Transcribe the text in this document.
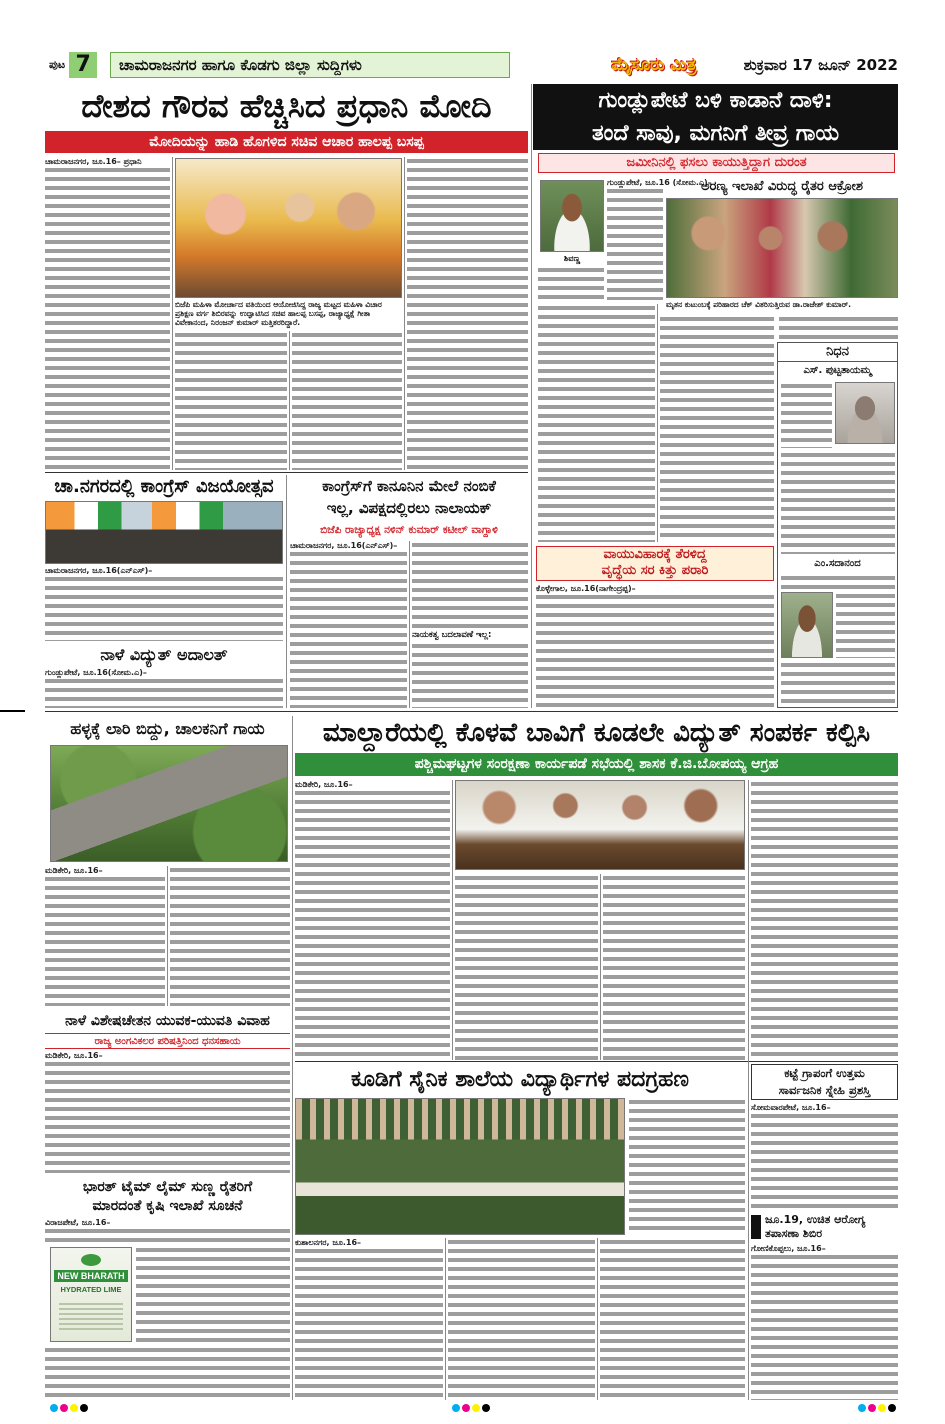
ಪುಟ 7	ಚಾಮರಾಜನಗರ ಹಾಗೂ ಕೊಡಗು ಜಿಲ್ಲಾ ಸುದ್ದಿಗಳು	ಮೈಸೂರು ಮಿತ್ರ	ಶುಕ್ರವಾರ 17 ಜೂನ್ 2022
ದೇಶದ ಗೌರವ ಹೆಚ್ಚಿಸಿದ ಪ್ರಧಾನಿ ಮೋದಿ
ಮೋದಿಯನ್ನು ಹಾಡಿ ಹೊಗಳಿದ ಸಚಿವ ಆಚಾರ ಹಾಲಪ್ಪ ಬಸಪ್ಪ
ಚಾಮರಾಜನಗರ, ಜೂ.16– ಪ್ರಧಾನಿ
ಬಿಜೆಪಿ ಮಹಿಳಾ ಮೋರ್ಚಾದ ವತಿಯಿಂದ ಆಯೋಜಿಸಿದ್ದ ರಾಜ್ಯ ಮಟ್ಟದ ಮಹಿಳಾ ವಿಚಾರ ಪ್ರಶಿಕ್ಷಣ ವರ್ಗ ಶಿಬಿರವನ್ನು ಉದ್ಘಾಟಿಸಿದ ಸಚಿವ ಹಾಲಪ್ಪ ಬಸಪ್ಪ, ರಾಜ್ಯಾಧ್ಯಕ್ಷೆ ಗೀತಾ ವಿವೇಕಾನಂದ, ನಿರಂಜನ್ ಕುಮಾರ್ ಮತ್ತಿತರರಿದ್ದಾರೆ.
ಗುಂಡ್ಲುಪೇಟೆ ಬಳಿ ಕಾಡಾನೆ ದಾಳಿ:
ತಂದೆ ಸಾವು, ಮಗನಿಗೆ ತೀವ್ರ ಗಾಯ
ಜಮೀನಿನಲ್ಲಿ ಫಸಲು ಕಾಯುತ್ತಿದ್ದಾಗ ದುರಂತ
ಶಿವಣ್ಣ
ಗುಂಡ್ಲುಪೇಟೆ, ಜೂ.16 (ಸೋಮ.ಎ)–
ಅರಣ್ಯ ಇಲಾಖೆ ವಿರುದ್ಧ ರೈತರ ಆಕ್ರೋಶ
ಮೃತನ ಕುಟುಂಬಕ್ಕೆ ಪರಿಹಾರದ ಚೆಕ್ ವಿತರಿಸುತ್ತಿರುವ ಡಾ.ರಾಜೇಶ್ ಕುಮಾರ್.
ನಿಧನ
ಎಸ್. ಪುಟ್ಟತಾಯಮ್ಮ
ಎಂ.ಸದಾನಂದ
ವಾಯುವಿಹಾರಕ್ಕೆ ತೆರಳಿದ್ದ
ವೃದ್ಧೆಯ ಸರ ಕಿತ್ತು ಪರಾರಿ
ಕೊಳ್ಳೇಗಾಲ, ಜೂ.16(ನಾಗೇಂದ್ರಪ್ಪ)–
ಚಾ.ನಗರದಲ್ಲಿ ಕಾಂಗ್ರೆಸ್ ವಿಜಯೋತ್ಸವ
ಚಾಮರಾಜನಗರ, ಜೂ.16(ಎನ್‌ಎಸ್)–
ನಾಳೆ ವಿದ್ಯುತ್ ಅದಾಲತ್
ಗುಂಡ್ಲುಪೇಟೆ, ಜೂ.16(ಸೋಮ.ಎ)–
ಕಾಂಗ್ರೆಸ್‌ಗೆ ಕಾನೂನಿನ ಮೇಲೆ ನಂಬಿಕೆ
ಇಲ್ಲ, ವಿಪಕ್ಷದಲ್ಲಿರಲು ನಾಲಾಯಕ್
ಬಿಜೆಪಿ ರಾಜ್ಯಾಧ್ಯಕ್ಷ ನಳಿನ್ ಕುಮಾರ್ ಕಟೀಲ್ ವಾಗ್ದಾಳಿ
ಚಾಮರಾಜನಗರ, ಜೂ.16(ಎನ್‌ಎಸ್)–
ನಾಯಕತ್ವ ಬದಲಾವಣೆ ಇಲ್ಲ:
ಹಳ್ಳಕ್ಕೆ ಲಾರಿ ಬಿದ್ದು, ಚಾಲಕನಿಗೆ ಗಾಯ
ಮಡಿಕೇರಿ, ಜೂ.16–
ನಾಳೆ ವಿಶೇಷಚೇತನ ಯುವಕ-ಯುವತಿ ವಿವಾಹ
ರಾಜ್ಯ ಅಂಗವಿಕಲರ ಪರಿಷತ್ತಿನಿಂದ ಧನಸಹಾಯ
ಮಡಿಕೇರಿ, ಜೂ.16–
ಭಾರತ್ ಟೈಮ್ ಲೈಮ್ ಸುಣ್ಣ ರೈತರಿಗೆ
ಮಾರದಂತೆ ಕೃಷಿ ಇಲಾಖೆ ಸೂಚನೆ
ವಿರಾಜಪೇಟೆ, ಜೂ.16–
NEW BHARATH
HYDRATED LIME
ಮಾಲ್ದಾರೆಯಲ್ಲಿ ಕೊಳವೆ ಬಾವಿಗೆ ಕೂಡಲೇ ವಿದ್ಯುತ್ ಸಂಪರ್ಕ ಕಲ್ಪಿಸಿ
ಪಶ್ಚಿಮಘಟ್ಟಗಳ ಸಂರಕ್ಷಣಾ ಕಾರ್ಯಪಡೆ ಸಭೆಯಲ್ಲಿ ಶಾಸಕ ಕೆ.ಜಿ.ಬೋಪಯ್ಯ ಆಗ್ರಹ
ಮಡಿಕೇರಿ, ಜೂ.16–
ಕೂಡಿಗೆ ಸೈನಿಕ ಶಾಲೆಯ ವಿದ್ಯಾರ್ಥಿಗಳ ಪದಗ್ರಹಣ
ಕುಶಾಲನಗರ, ಜೂ.16–
ಕಟ್ಟೆ ಗ್ರಾಪಂಗೆ ಉತ್ತಮ
ಸಾರ್ವಜನಿಕ ಸ್ನೇಹಿ ಪ್ರಶಸ್ತಿ
ಸೋಮವಾರಪೇಟೆ, ಜೂ.16–
ಜೂ.19, ಉಚಿತ ಆರೋಗ್ಯ
ತಪಾಸಣಾ ಶಿಬಿರ
ಗೋಣಿಕೊಪ್ಪಲು, ಜೂ.16–
